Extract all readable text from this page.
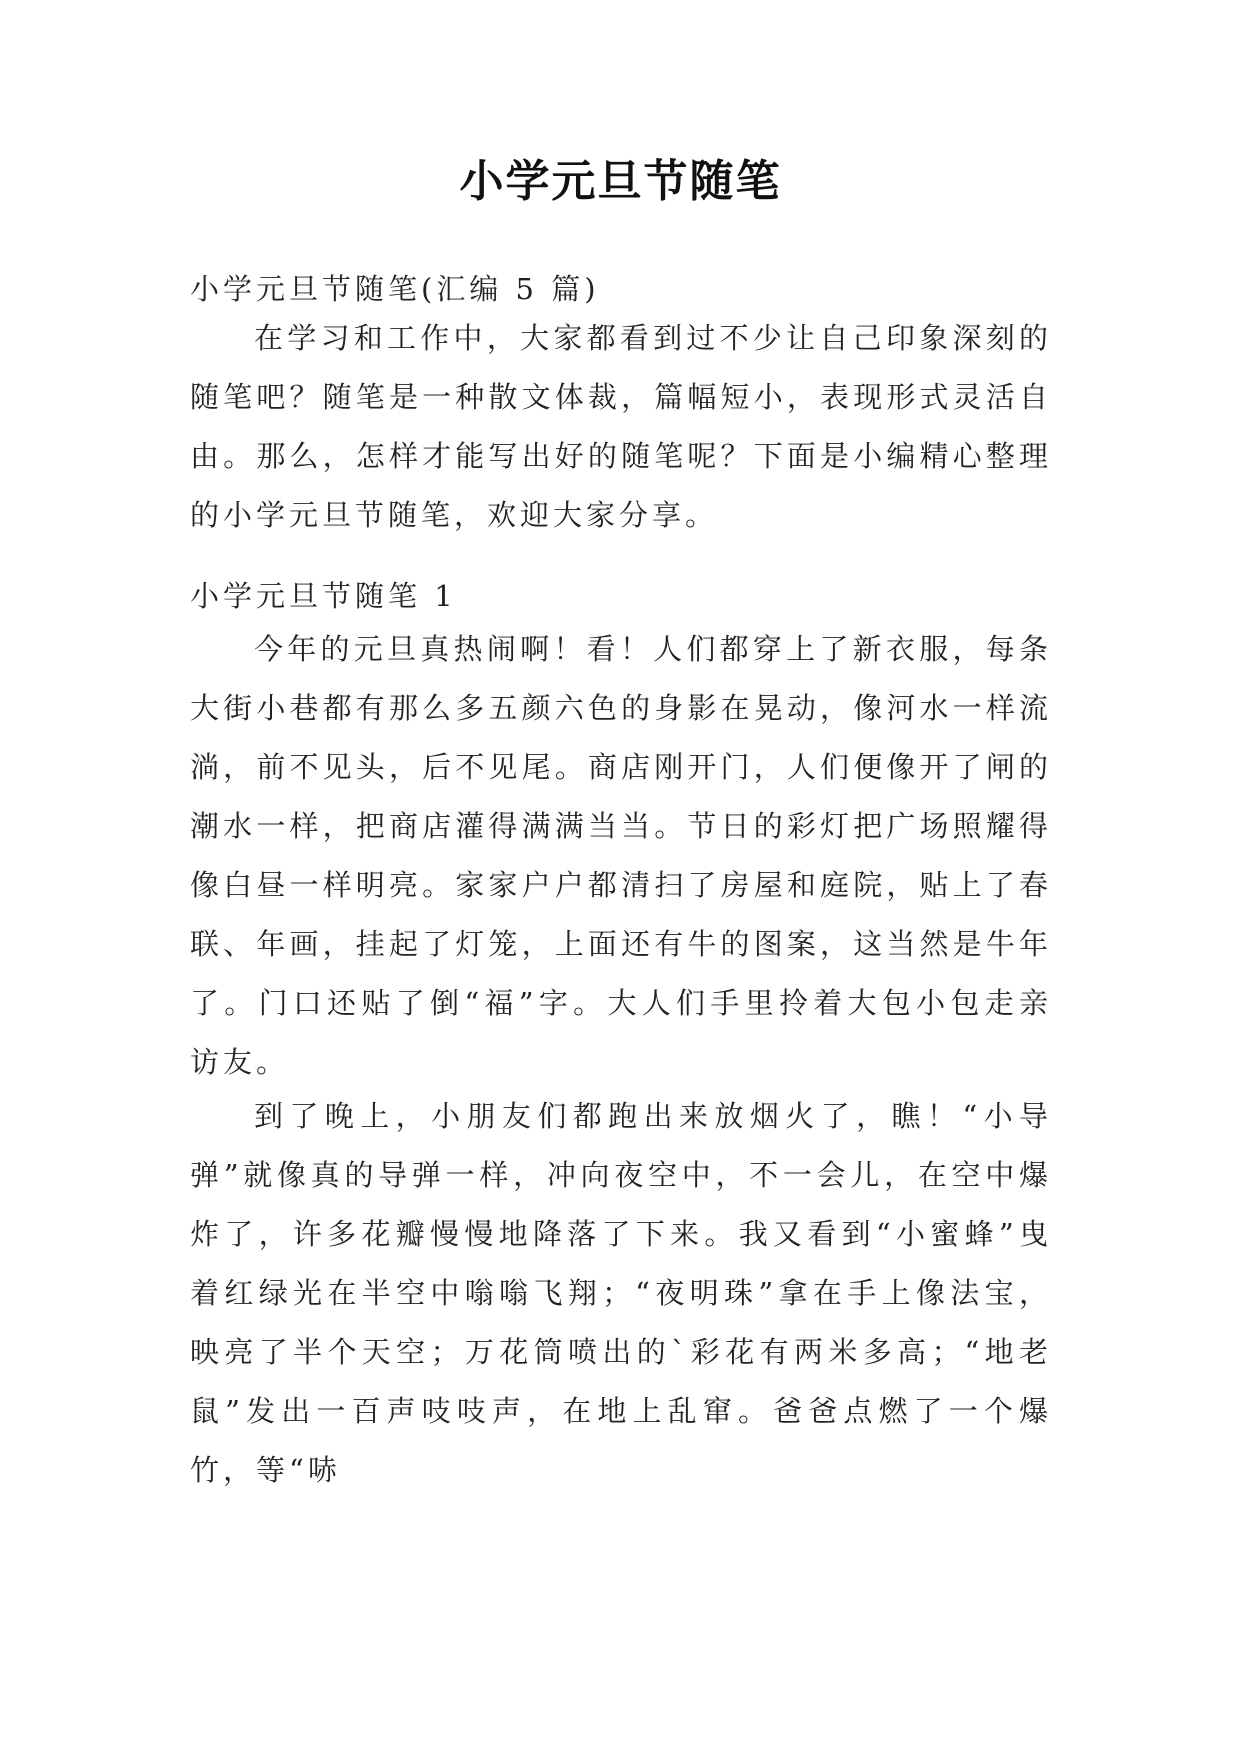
小学元旦节随笔
小学元旦节随笔(汇编 5 篇)
在学习和工作中，大家都看到过不少让自己印象深刻的随笔吧？随笔是一种散文体裁，篇幅短小，表现形式灵活自由。那么，怎样才能写出好的随笔呢？下面是小编精心整理的小学元旦节随笔，欢迎大家分享。
小学元旦节随笔 1
今年的元旦真热闹啊！看！人们都穿上了新衣服，每条大街小巷都有那么多五颜六色的身影在晃动，像河水一样流淌，前不见头，后不见尾。商店刚开门，人们便像开了闸的潮水一样，把商店灌得满满当当。节日的彩灯把广场照耀得像白昼一样明亮。家家户户都清扫了房屋和庭院，贴上了春联、年画，挂起了灯笼，上面还有牛的图案，这当然是牛年了。门口还贴了倒“福”字。大人们手里拎着大包小包走亲访友。
到了晚上，小朋友们都跑出来放烟火了，瞧！“小导弹”就像真的导弹一样，冲向夜空中，不一会儿，在空中爆炸了，许多花瓣慢慢地降落了下来。我又看到“小蜜蜂”曳着红绿光在半空中嗡嗡飞翔；“夜明珠”拿在手上像法宝，映亮了半个天空；万花筒喷出的`彩花有两米多高；“地老鼠”发出一百声吱吱声，在地上乱窜。爸爸点燃了一个爆竹，等“哧
